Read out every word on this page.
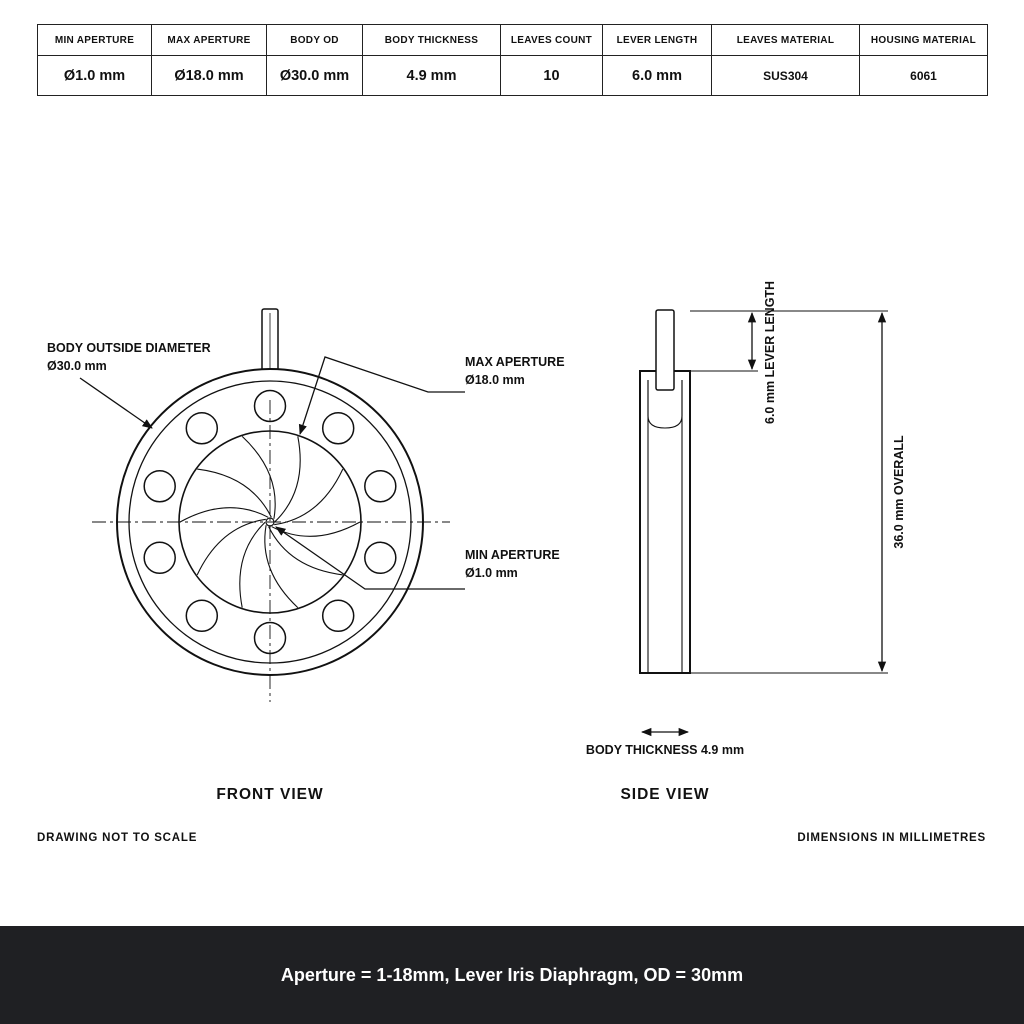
MIN APERTURE	MAX APERTURE	BODY OD	BODY THICKNESS	LEAVES COUNT	LEVER LENGTH	LEAVES MATERIAL	HOUSING MATERIAL
Ø1.0 mm	Ø18.0 mm	Ø30.0 mm	4.9 mm	10	6.0 mm	SUS304	6061
BODY OUTSIDE DIAMETER
Ø30.0 mm	MAX APERTURE
Ø18.0 mm
MIN APERTURE
Ø1.0 mm
FRONT VIEW
6.0 mm LEVER LENGTH
36.0 mm OVERALL
BODY THICKNESS 4.9 mm
SIDE VIEW
DRAWING NOT TO SCALE	DIMENSIONS IN MILLIMETRES
Aperture = 1-18mm, Lever Iris Diaphragm, OD = 30mm
